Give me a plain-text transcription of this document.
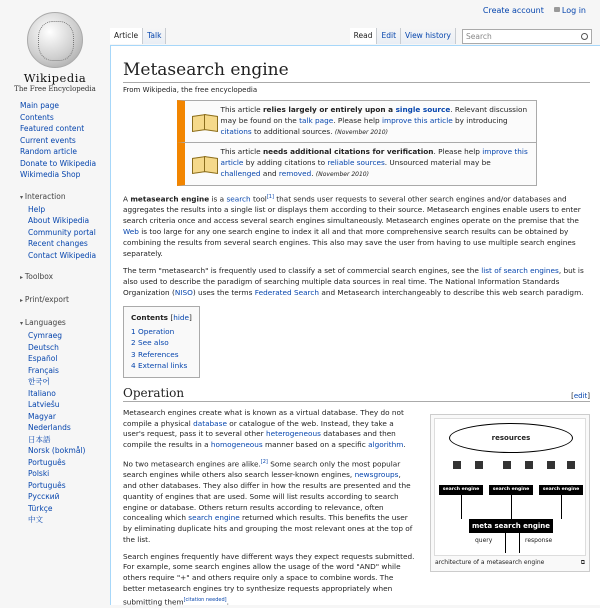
Wikipedia
The Free Encyclopedia
Create account	Log in
Article	Talk	Read	Edit	View history	Search
Main page
Contents
Featured content
Current events
Random article
Donate to Wikipedia
Wikimedia Shop
▾ Interaction
Help
About Wikipedia
Community portal
Recent changes
Contact Wikipedia
▸ Toolbox
▸ Print/export
▾ Languages
Cymraeg
Deutsch
Español
Français
한국어
Italiano
Latviešu
Magyar
Nederlands
日本語
Norsk (bokmål)
Português
Polski
Português
Русский
Türkçe
中文
Metasearch engine
From Wikipedia, the free encyclopedia
This article relies largely or entirely upon a single source. Relevant discussion may be found on the talk page. Please help improve this article by introducing citations to additional sources. (November 2010)
This article needs additional citations for verification. Please help improve this article by adding citations to reliable sources. Unsourced material may be challenged and removed. (November 2010)

A metasearch engine is a search tool[1] that sends user requests to several other search engines and/or databases and aggregates the results into a single list or displays them according to their source. Metasearch engines enable users to enter search criteria once and access several search engines simultaneously. Metasearch engines operate on the premise that the Web is too large for any one search engine to index it all and that more comprehensive search results can be obtained by combining the results from several search engines. This also may save the user from having to use multiple search engines separately.

The term "metasearch" is frequently used to classify a set of commercial search engines, see the list of search engines, but is also used to describe the paradigm of searching multiple data sources in real time. The National Information Standards Organization (NISO) uses the terms Federated Search and Metasearch interchangeably to describe this web search paradigm.

Contents [hide]
1 Operation
2 See also
3 References
4 External links
Operation	[edit]
resources
search engine	search engine	search engine
meta search engine
query	response
architecture of a metasearch engine	⧉

Metasearch engines create what is known as a virtual database. They do not compile a physical database or catalogue of the web. Instead, they take a user's request, pass it to several other heterogeneous databases and then compile the results in a homogeneous manner based on a specific algorithm.

No two metasearch engines are alike.[2] Some search only the most popular search engines while others also search lesser-known engines, newsgroups, and other databases. They also differ in how the results are presented and the quantity of engines that are used. Some will list results according to search engine or database. Others return results according to relevance, often concealing which search engine returned which results. This benefits the user by eliminating duplicate hits and grouping the most relevant ones at the top of the list.

Search engines frequently have different ways they expect requests submitted. For example, some search engines allow the usage of the word "AND" while others require "+" and others require only a space to combine words. The better metasearch engines try to synthesize requests appropriately when submitting them[citation needed].
